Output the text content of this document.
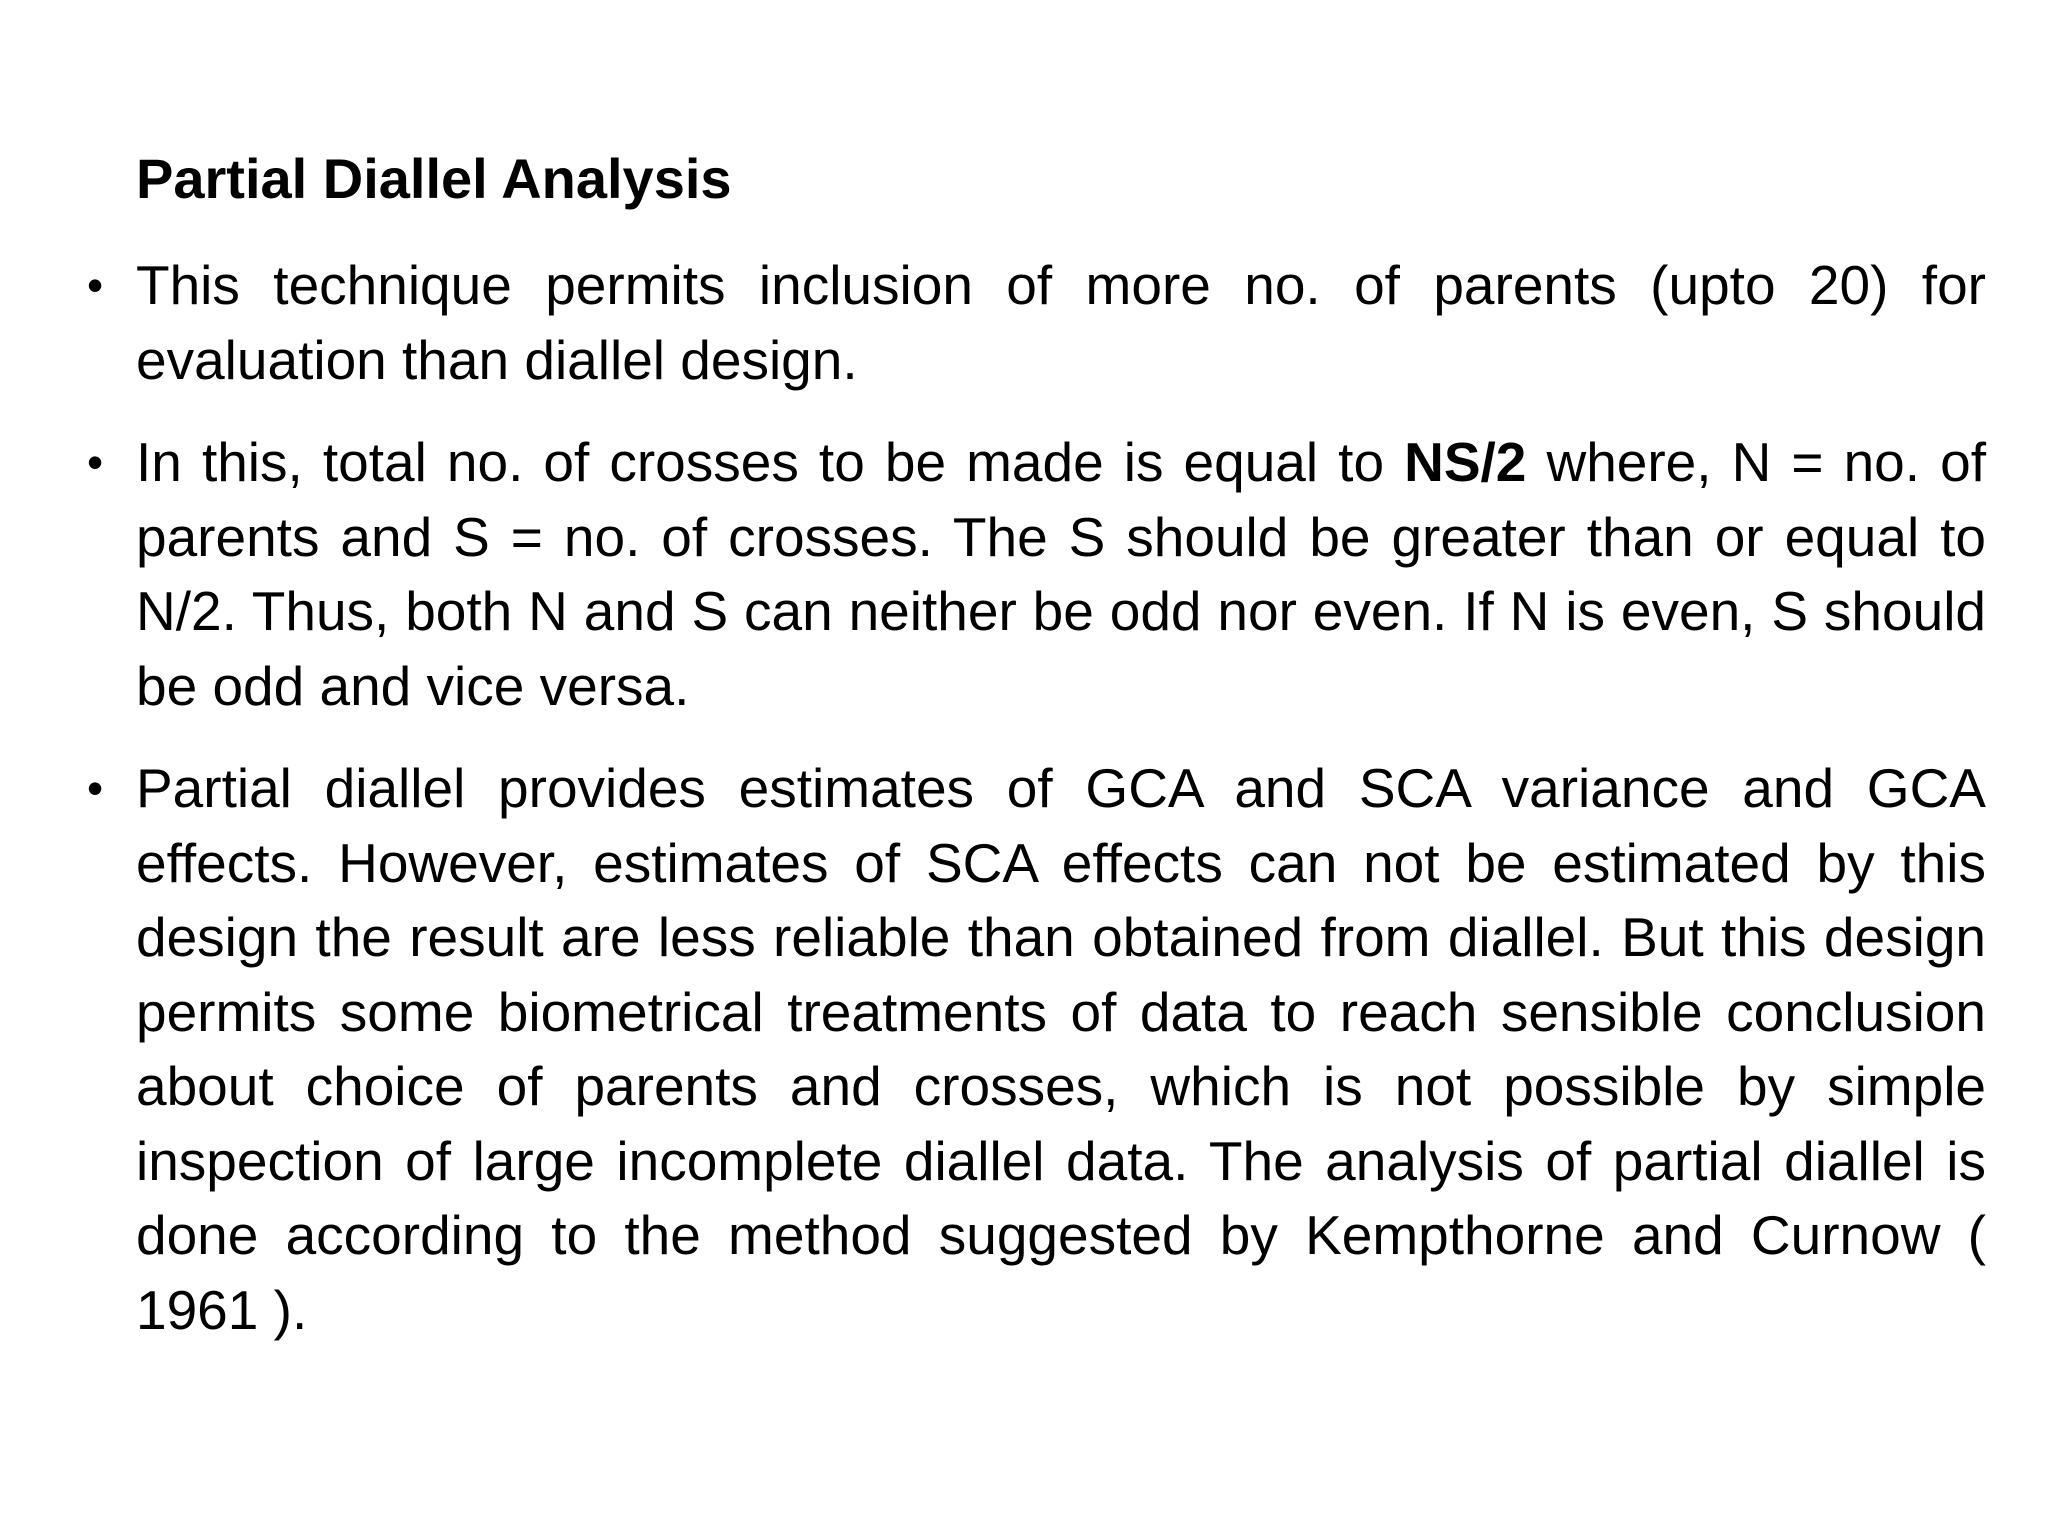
Partial Diallel Analysis
• This technique permits inclusion of more no. of parents (upto 20) for evaluation than diallel design.
• In this, total no. of crosses to be made is equal to NS/2 where, N = no. of parents and S = no. of crosses. The S should be greater than or equal to N/2. Thus, both N and S can neither be odd nor even. If N is even, S should be odd and vice versa.
• Partial diallel provides estimates of GCA and SCA variance and GCA effects. However, estimates of SCA effects can not be estimated by this design the result are less reliable than obtained from diallel. But this design permits some biometrical treatments of data to reach sensible conclusion about choice of parents and crosses, which is not possible by simple inspection of large incomplete diallel data. The analysis of partial diallel is done according to the method suggested by Kempthorne and Curnow ( 1961 ).
